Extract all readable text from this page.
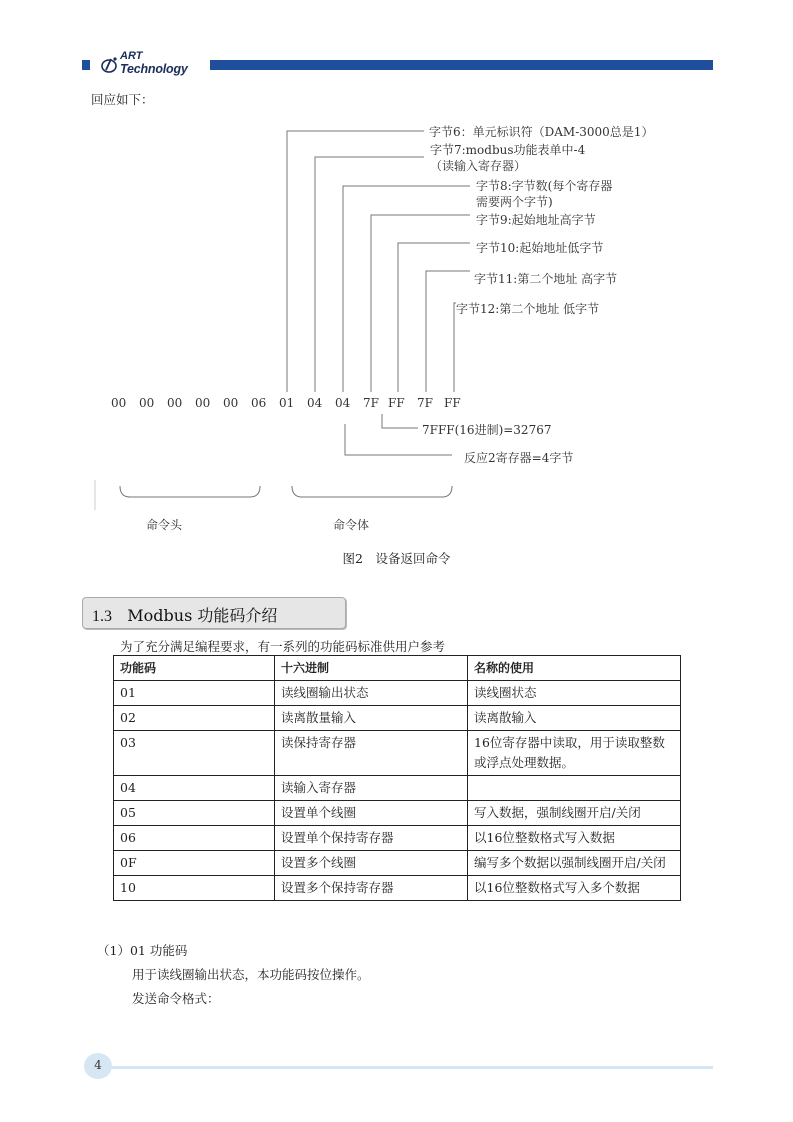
ART
Technology
回应如下：
字节6：单元标识符（DAM-3000总是1）
字节7:modbus功能表单中-4
（读输入寄存器）
字节8:字节数(每个寄存器
需要两个字节)
字节9:起始地址高字节
字节10:起始地址低字节
字节11:第二个地址 高字节
字节12:第二个地址 低字节
00 00 00 00 00 06 01 04 04 7F FF 7F FF
7FFF(16进制)=32767
反应2寄存器=4字节
命令头	命令体
图2　设备返回命令
1.3 Modbus 功能码介绍
为了充分满足编程要求，有一系列的功能码标准供用户参考
功能码	十六进制	名称的使用
01	读线圈输出状态	读线圈状态
02	读离散量输入	读离散输入
03	读保持寄存器	16位寄存器中读取，用于读取整数或浮点处理数据。
04	读输入寄存器	
05	设置单个线圈	写入数据，强制线圈开启/关闭
06	设置单个保持寄存器	以16位整数格式写入数据
0F	设置多个线圈	编写多个数据以强制线圈开启/关闭
10	设置多个保持寄存器	以16位整数格式写入多个数据
（1）01 功能码
用于读线圈输出状态，本功能码按位操作。
发送命令格式：
4
